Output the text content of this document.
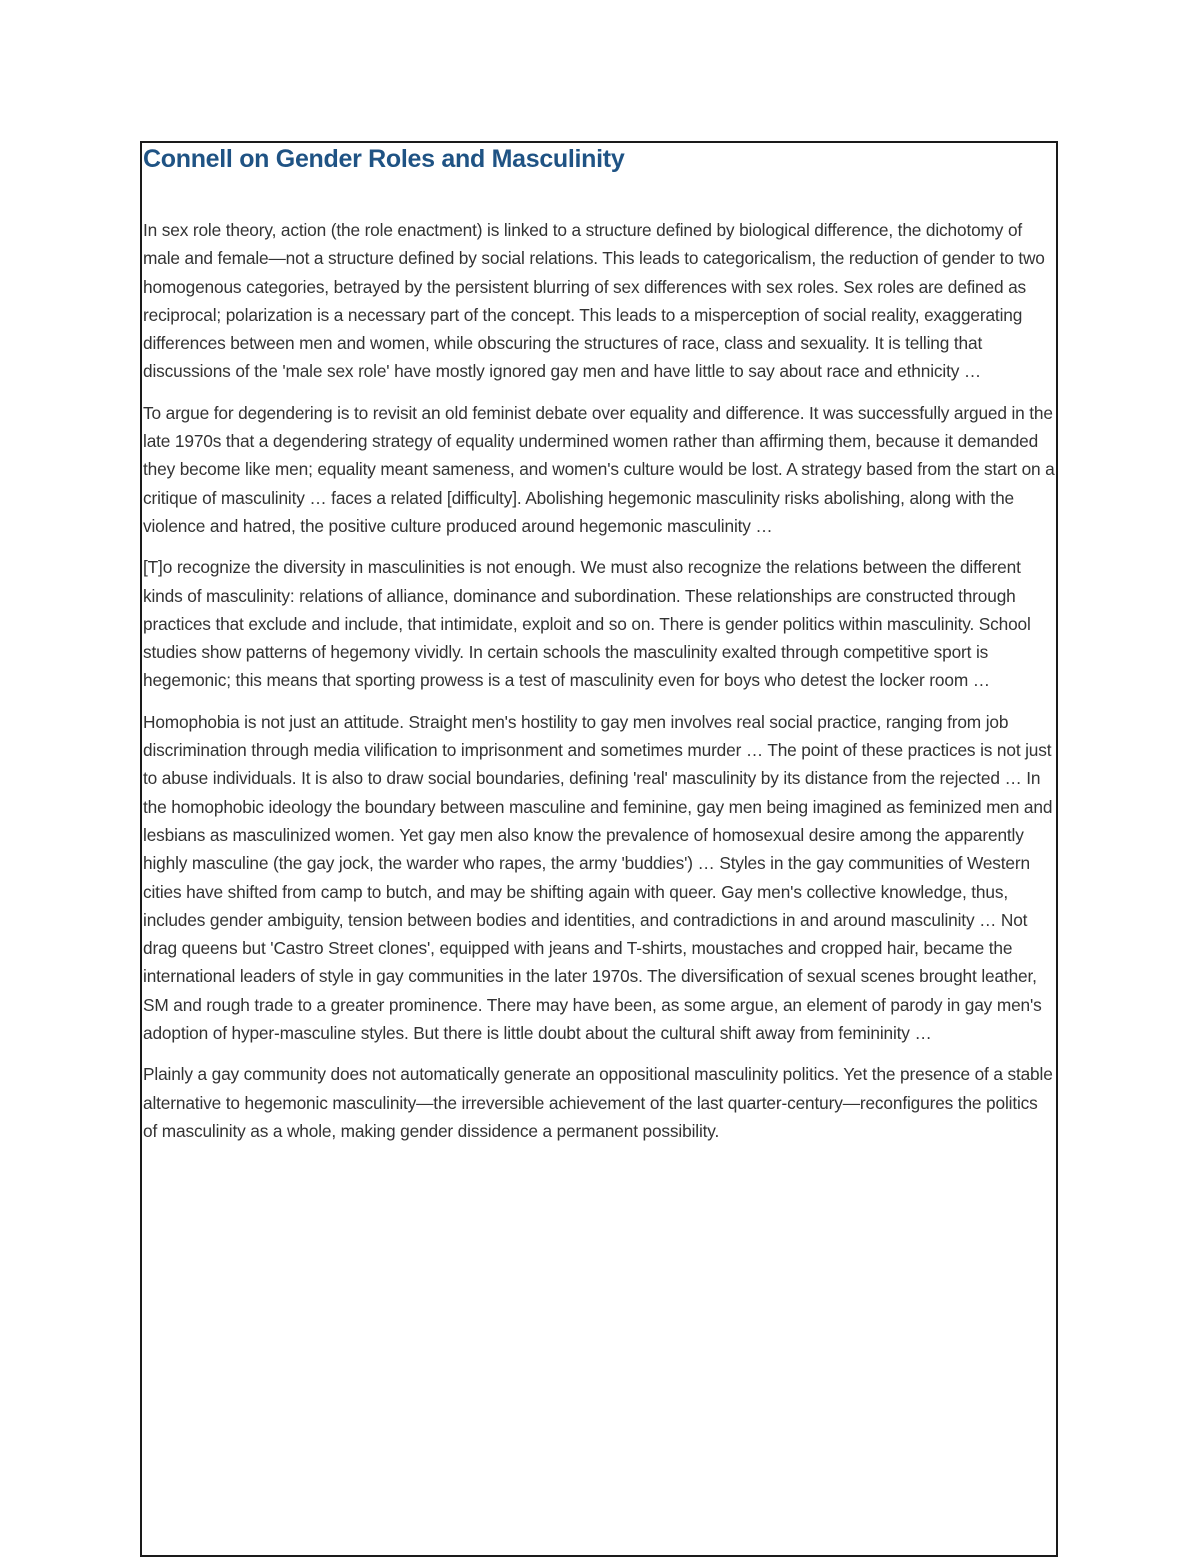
Connell on Gender Roles and Masculinity

In sex role theory, action (the role enactment) is linked to a structure defined by biological difference, the dichotomy of male and female—not a structure defined by social relations. This leads to categoricalism, the reduction of gender to two homogenous categories, betrayed by the persistent blurring of sex differences with sex roles. Sex roles are defined as reciprocal; polarization is a necessary part of the concept. This leads to a misperception of social reality, exaggerating differences between men and women, while obscuring the structures of race, class and sexuality. It is telling that discussions of the 'male sex role' have mostly ignored gay men and have little to say about race and ethnicity …

To argue for degendering is to revisit an old feminist debate over equality and difference. It was successfully argued in the late 1970s that a degendering strategy of equality undermined women rather than affirming them, because it demanded they become like men; equality meant sameness, and women's culture would be lost. A strategy based from the start on a critique of masculinity … faces a related [difficulty]. Abolishing hegemonic masculinity risks abolishing, along with the violence and hatred, the positive culture produced around hegemonic masculinity …

[T]o recognize the diversity in masculinities is not enough. We must also recognize the relations between the different kinds of masculinity: relations of alliance, dominance and subordination. These relationships are constructed through practices that exclude and include, that intimidate, exploit and so on. There is gender politics within masculinity. School studies show patterns of hegemony vividly. In certain schools the masculinity exalted through competitive sport is hegemonic; this means that sporting prowess is a test of masculinity even for boys who detest the locker room …

Homophobia is not just an attitude. Straight men's hostility to gay men involves real social practice, ranging from job discrimination through media vilification to imprisonment and sometimes murder … The point of these practices is not just to abuse individuals. It is also to draw social boundaries, defining 'real' masculinity by its distance from the rejected … In the homophobic ideology the boundary between masculine and feminine, gay men being imagined as feminized men and lesbians as masculinized women. Yet gay men also know the prevalence of homosexual desire among the apparently highly masculine (the gay jock, the warder who rapes, the army 'buddies') … Styles in the gay communities of Western cities have shifted from camp to butch, and may be shifting again with queer. Gay men's collective knowledge, thus, includes gender ambiguity, tension between bodies and identities, and contradictions in and around masculinity … Not drag queens but 'Castro Street clones', equipped with jeans and T-shirts, moustaches and cropped hair, became the international leaders of style in gay communities in the later 1970s. The diversification of sexual scenes brought leather, SM and rough trade to a greater prominence. There may have been, as some argue, an element of parody in gay men's adoption of hyper-masculine styles. But there is little doubt about the cultural shift away from femininity …

Plainly a gay community does not automatically generate an oppositional masculinity politics. Yet the presence of a stable alternative to hegemonic masculinity—the irreversible achievement of the last quarter-century—reconfigures the politics of masculinity as a whole, making gender dissidence a permanent possibility.
